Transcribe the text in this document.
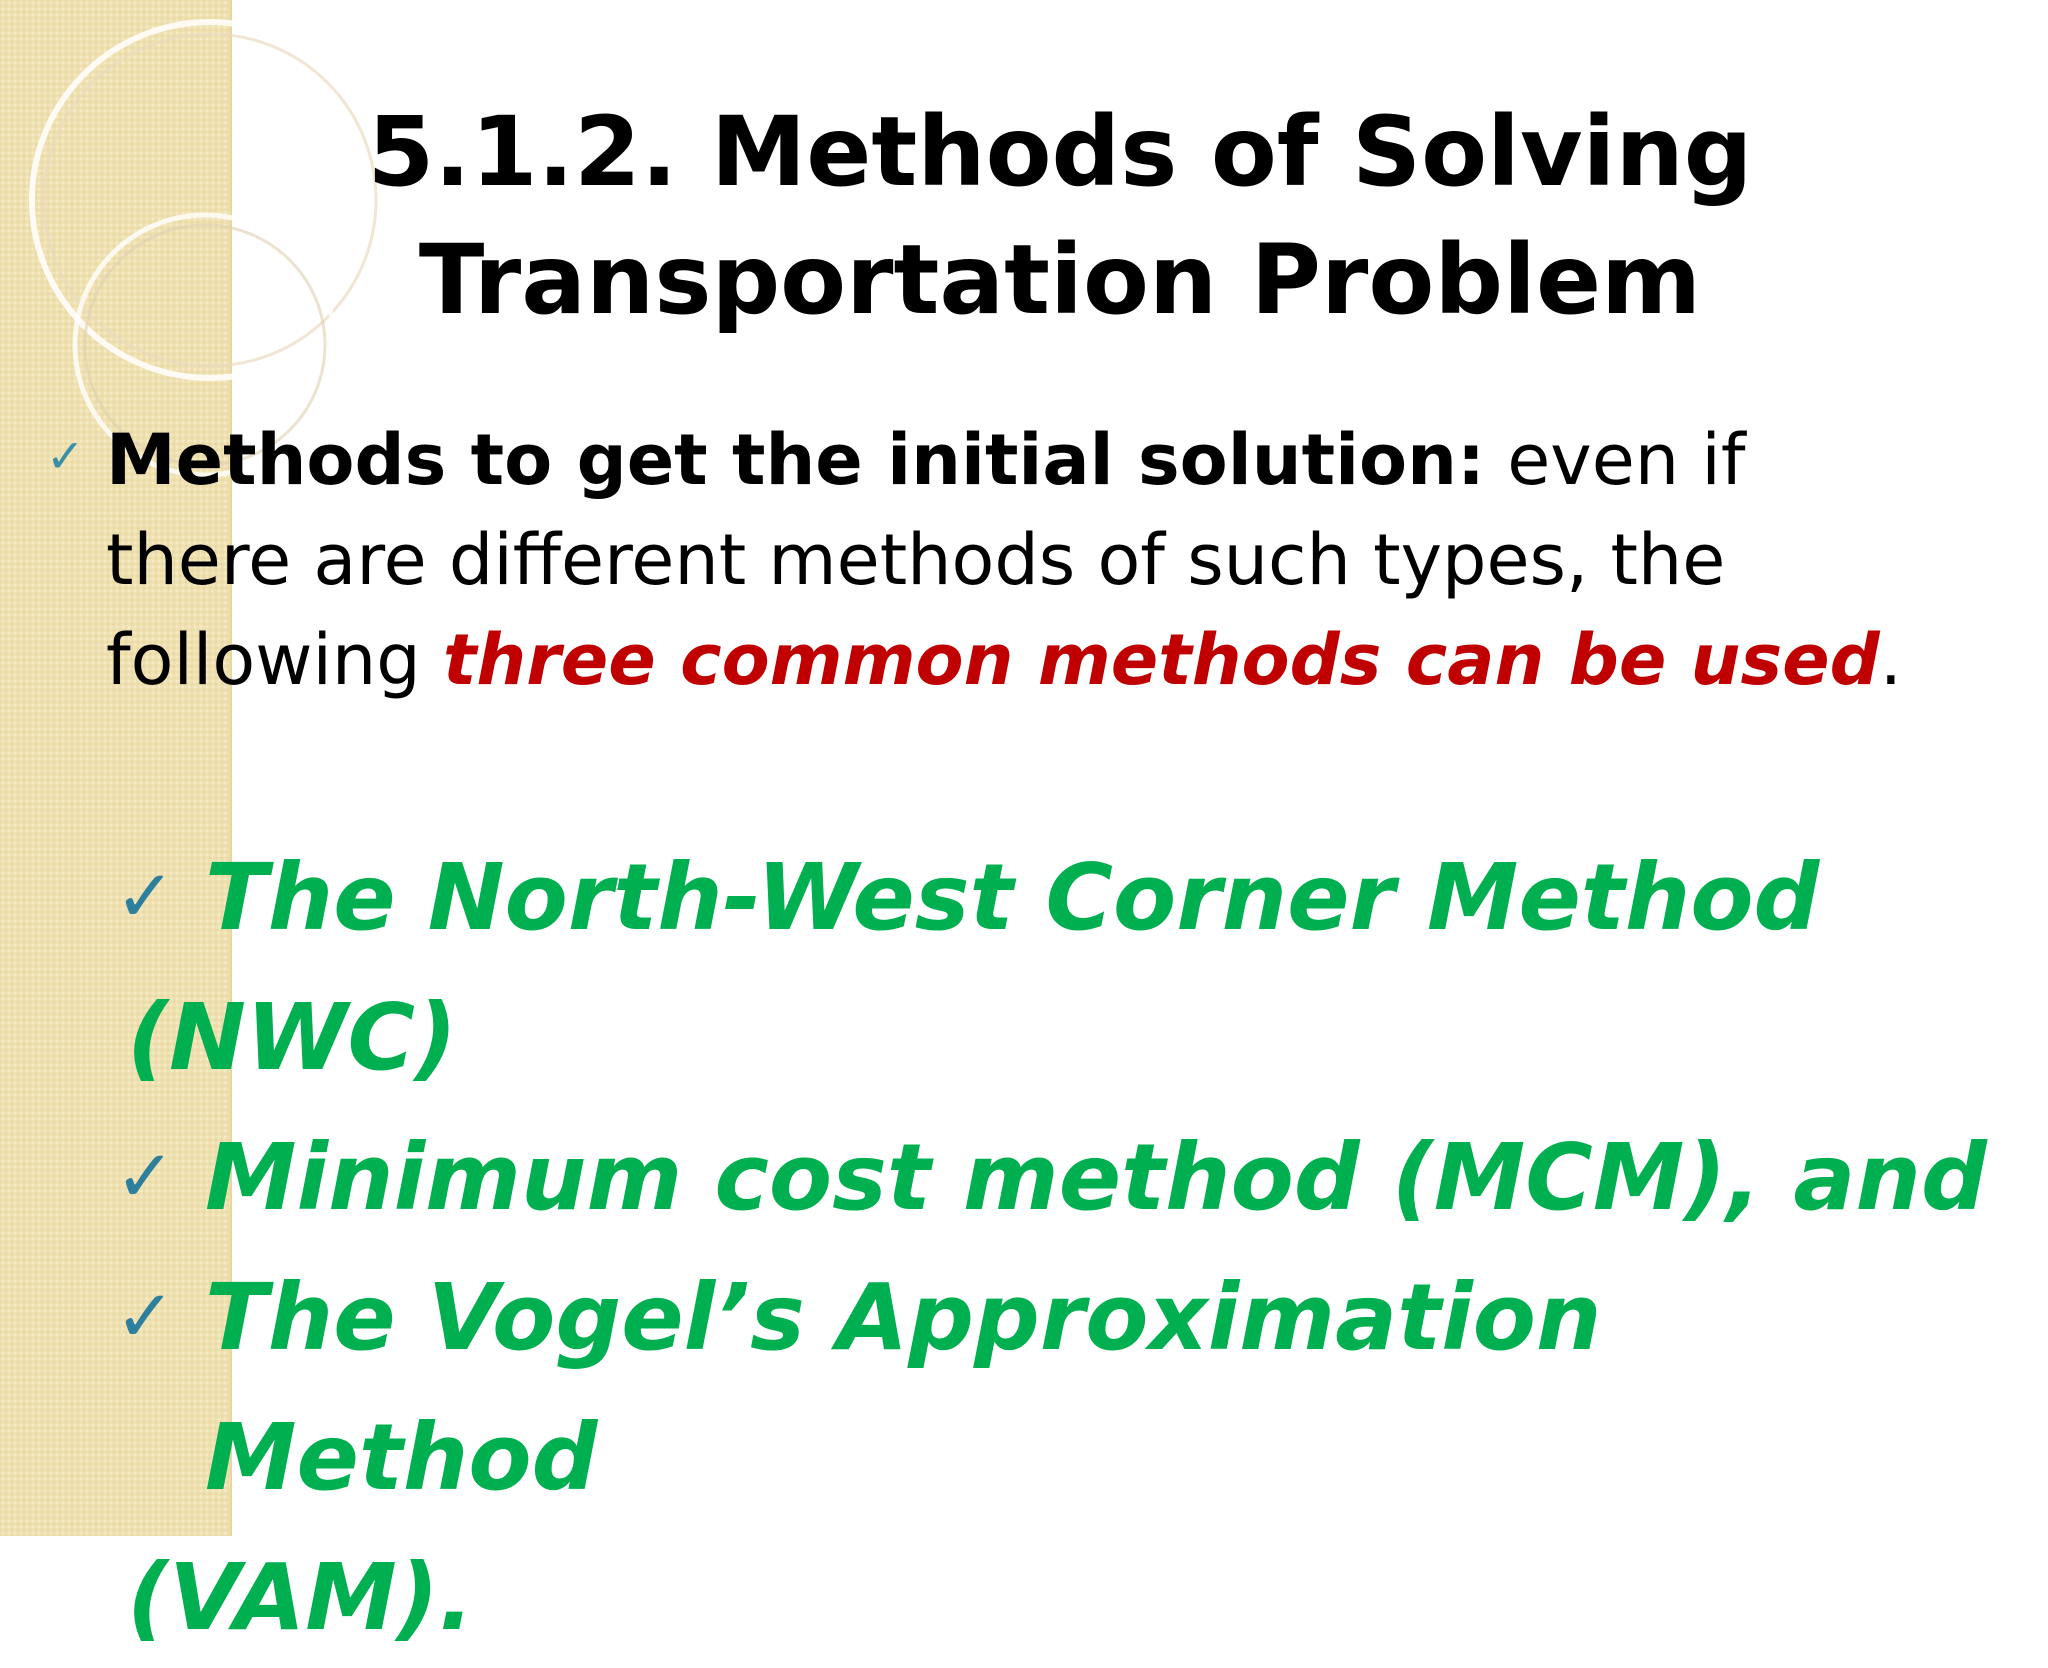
5.1.2. Methods of Solving
Transportation Problem
✓ Methods to get the initial solution: even if there are different methods of such types, the following three common methods can be used.
✓ The North-West Corner Method
(NWC)
✓ Minimum cost method (MCM), and
✓ The Vogel’s Approximation Method
(VAM).
